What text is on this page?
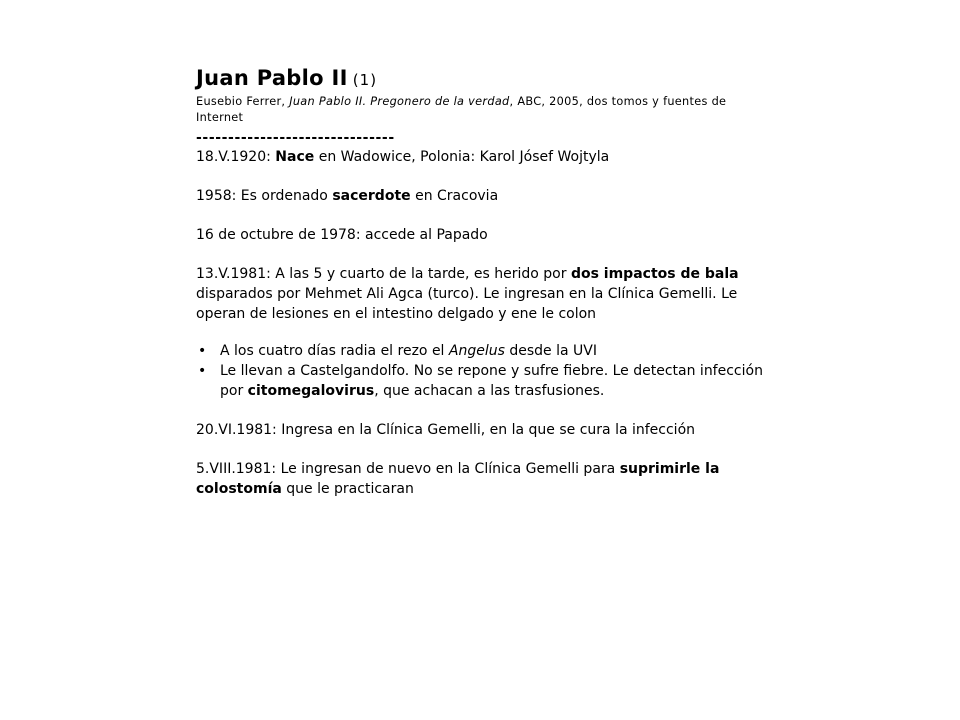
Juan Pablo II (1)

Eusebio Ferrer, Juan Pablo II. Pregonero de la verdad, ABC, 2005, dos tomos y fuentes de Internet

-------------------------------

18.V.1920: Nace en Wadowice, Polonia: Karol Jósef Wojtyla

1958: Es ordenado sacerdote en Cracovia

16 de octubre de 1978: accede al Papado

13.V.1981: A las 5 y cuarto de la tarde, es herido por dos impactos de bala disparados por Mehmet Ali Agca (turco). Le ingresan en la Clínica Gemelli. Le operan de lesiones en el intestino delgado y ene le colon

• A los cuatro días radia el rezo el Angelus desde la UVI
• Le llevan a Castelgandolfo. No se repone y sufre fiebre. Le detectan infección por citomegalovirus, que achacan a las trasfusiones.

20.VI.1981: Ingresa en la Clínica Gemelli, en la que se cura la infección

5.VIII.1981: Le ingresan de nuevo en la Clínica Gemelli para suprimirle la colostomía que le practicaran
